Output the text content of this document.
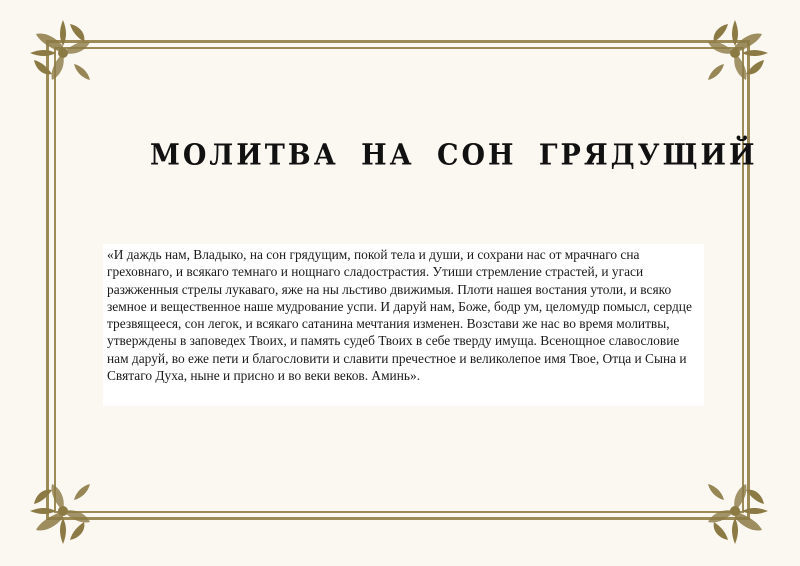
МОЛИТВА НА СОН ГРЯДУЩИЙ

«И даждь нам, Владыко, на сон грядущим, покой тела и души, и сохрани нас от мрачнаго сна греховнаго, и всякаго темнаго и нощнаго сладострастия. Утиши стремление страстей, и угаси разжженныя стрелы лукаваго, яже на ны льстиво движимыя. Плоти нашея востания утоли, и всяко земное и вещественное наше мудрование успи. И даруй нам, Боже, бодр ум, целомудр помысл, сердце трезвящееся, сон легок, и всякаго сатанина мечтания изменен. Возстави же нас во время молитвы, утверждены в заповедех Твоих, и память судеб Твоих в себе тверду имуща. Всенощное славословие нам даруй, во еже пети и благословити и славити пречестное и великолепое имя Твое, Отца и Сына и Святаго Духа, ныне и присно и во веки веков. Аминь».
